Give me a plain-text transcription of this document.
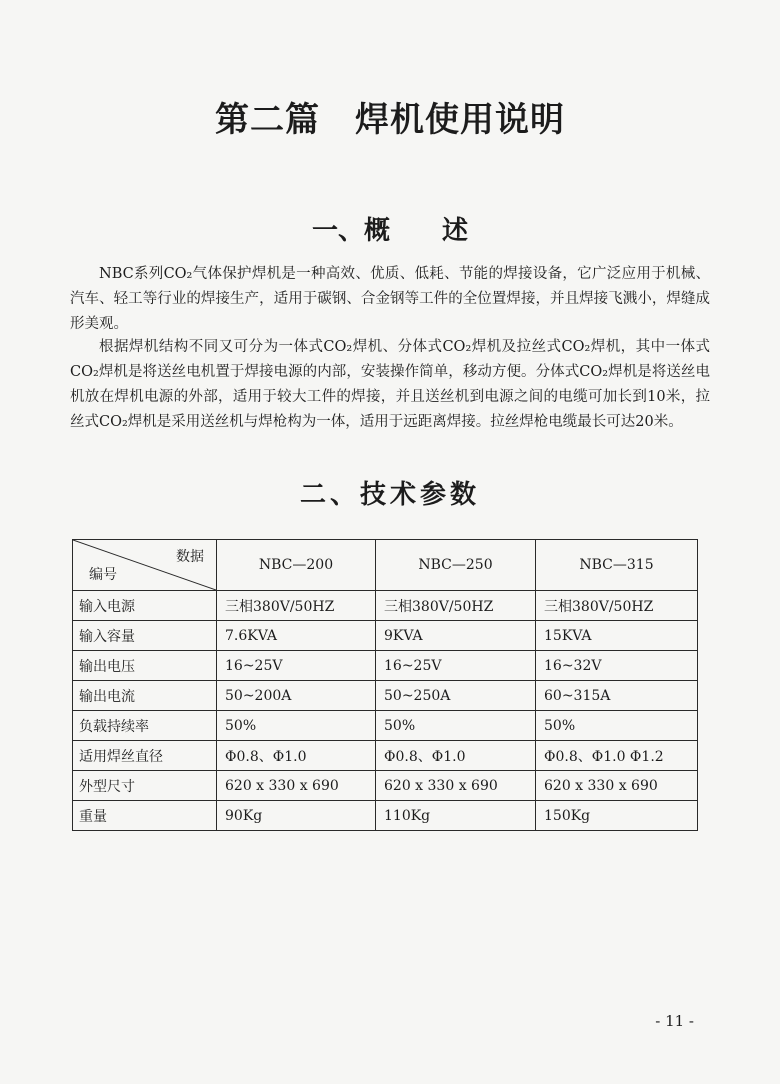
第二篇　焊机使用说明
一、概　　述

NBC系列CO₂气体保护焊机是一种高效、优质、低耗、节能的焊接设备，它广泛应用于机械、汽车、轻工等行业的焊接生产，适用于碳钢、合金钢等工件的全位置焊接，并且焊接飞溅小，焊缝成形美观。

根据焊机结构不同又可分为一体式CO₂焊机、分体式CO₂焊机及拉丝式CO₂焊机，其中一体式CO₂焊机是将送丝电机置于焊接电源的内部，安装操作简单，移动方便。分体式CO₂焊机是将送丝电机放在焊机电源的外部，适用于较大工件的焊接，并且送丝机到电源之间的电缆可加长到10米，拉丝式CO₂焊机是采用送丝机与焊枪构为一体，适用于远距离焊接。拉丝焊枪电缆最长可达20米。

二、技术参数
数据
编号	NBC—200	NBC—250	NBC—315
输入电源	三相380V/50HZ	三相380V/50HZ	三相380V/50HZ
输入容量	7.6KVA	9KVA	15KVA
输出电压	16~25V	16~25V	16~32V
输出电流	50~200A	50~250A	60~315A
负载持续率	50%	50%	50%
适用焊丝直径	Φ0.8、Φ1.0	Φ0.8、Φ1.0	Φ0.8、Φ1.0 Φ1.2
外型尺寸	620 x 330 x 690	620 x 330 x 690	620 x 330 x 690
重量	90Kg	110Kg	150Kg
- 11 -
